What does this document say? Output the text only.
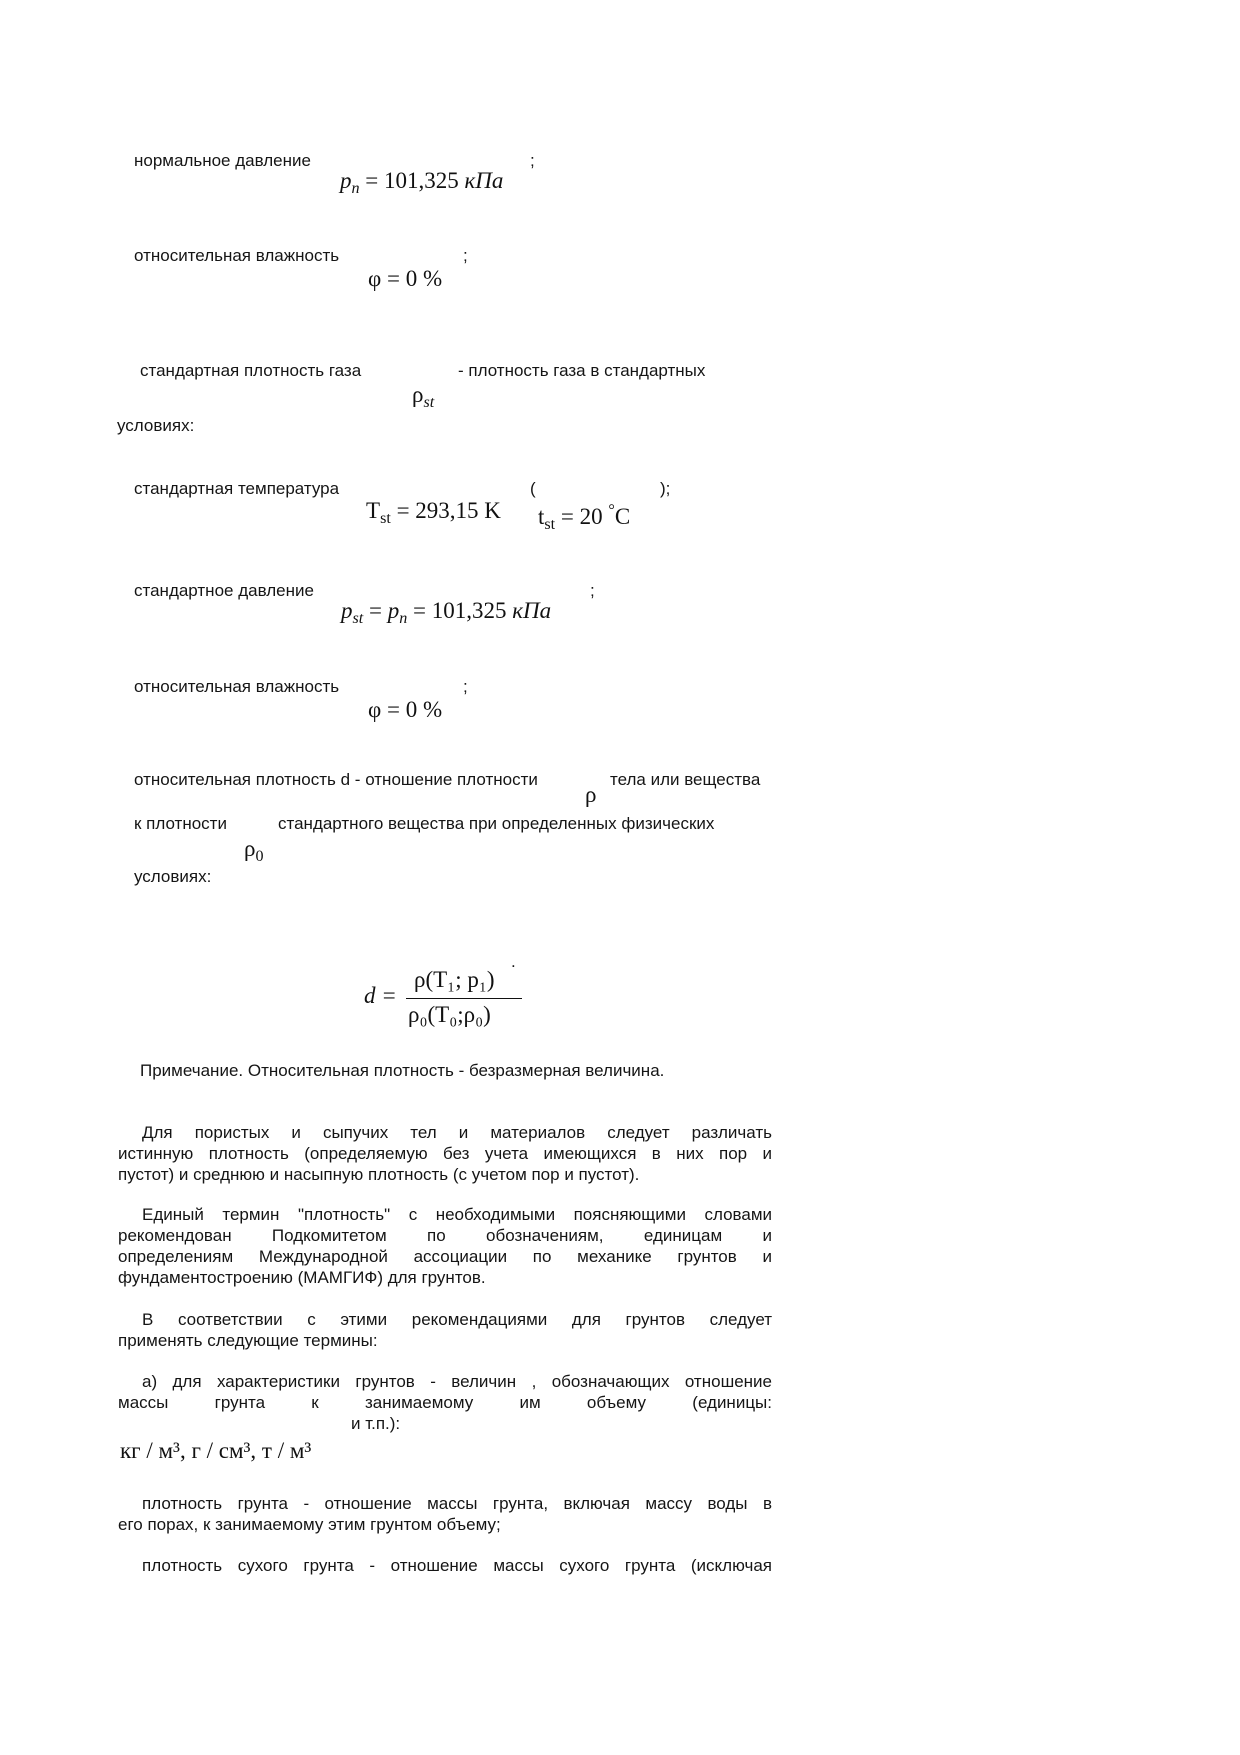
нормальное давление	;
$p_n = 101,325$ кПа
относительная влажность	;
φ = 0 %
стандартная плотность газа	- плотность газа в стандартных
$\rho_{st}$
условиях:
стандартная температура	(	);
$T_{st} = 293,15$ K $t_{st} = 20$ °C
стандартное давление	;
$p_{st} = p_n = 101,325$ кПа
относительная влажность	;
φ = 0 %
относительная плотность d - отношение плотности
ρ
тела или вещества
к плотности	стандартного вещества при определенных физических
$\rho_0$
условиях:
ρ(T₁; p₁)
d =
ρ₀(T₀;ρ₀)
.
Примечание. Относительная плотность - безразмерная величина.
Для пористых и сыпучих тел и материалов следует различать
истинную плотность (определяемую без учета имеющихся в них пор и
пустот) и среднюю и насыпную плотность (с учетом пор и пустот).
Единый термин "плотность" с необходимыми поясняющими словами
рекомендован Подкомитетом по обозначениям, единицам и
определениям Международной ассоциации по механике грунтов и
фундаментостроению (МАМГИФ) для грунтов.
В соответствии с этими рекомендациями для грунтов следует
применять следующие термины:
а) для характеристики грунтов - величин , обозначающих отношение
массы грунта к занимаемому им объему (единицы:
и т.п.):
кг / м³, г / см³, т / м³
плотность грунта - отношение массы грунта, включая массу воды в
его порах, к занимаемому этим грунтом объему;
плотность сухого грунта - отношение массы сухого грунта (исключая
